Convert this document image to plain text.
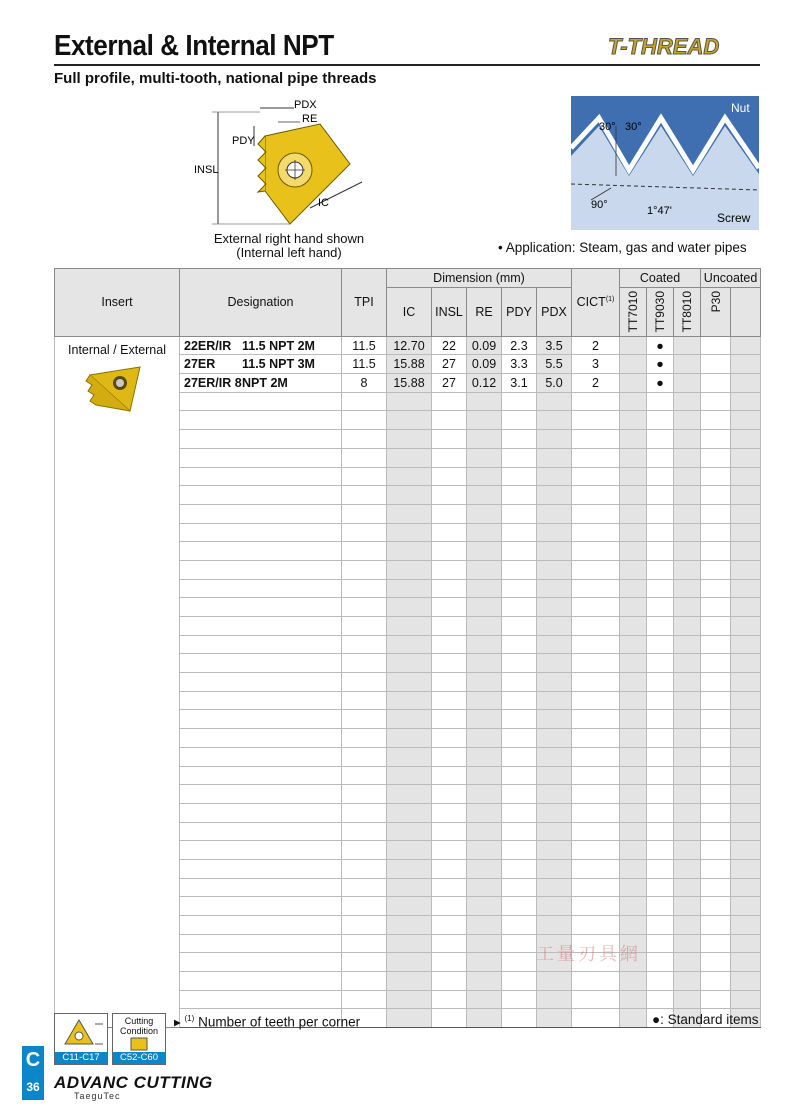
External & Internal NPT
Full profile, multi-tooth, national pipe threads
T-THREAD
INSL
PDY
PDX
RE
IC
External right hand shown
(Internal left hand)
Nut
30° 30°
90°	1°47'	Screw
• Application: Steam, gas and water pipes
Insert	Designation	TPI	Dimension (mm)					CICT$^{(1)}$	Coated			Uncoated	
			IC	INSL	RE	PDY	PDX		TT7010	TT9030	TT8010	P30	

Internal / External	22ER/IR 11.5 NPT 2M	11.5	12.70	22	0.09	2.3	3.5	2		●			
	27ER 11.5 NPT 3M	11.5	15.88	27	0.09	3.3	5.5	3		●			
	27ER/IR 8NPT 2M	8	15.88	27	0.12	3.1	5.0	2		●			

C11-C17
Cutting
Condition
C52-C60
▸ $^{(1)}$ Number of teeth per corner	●: Standard items
工量刃具網
C
36 ADVANC CUTTING
TaeguTec
